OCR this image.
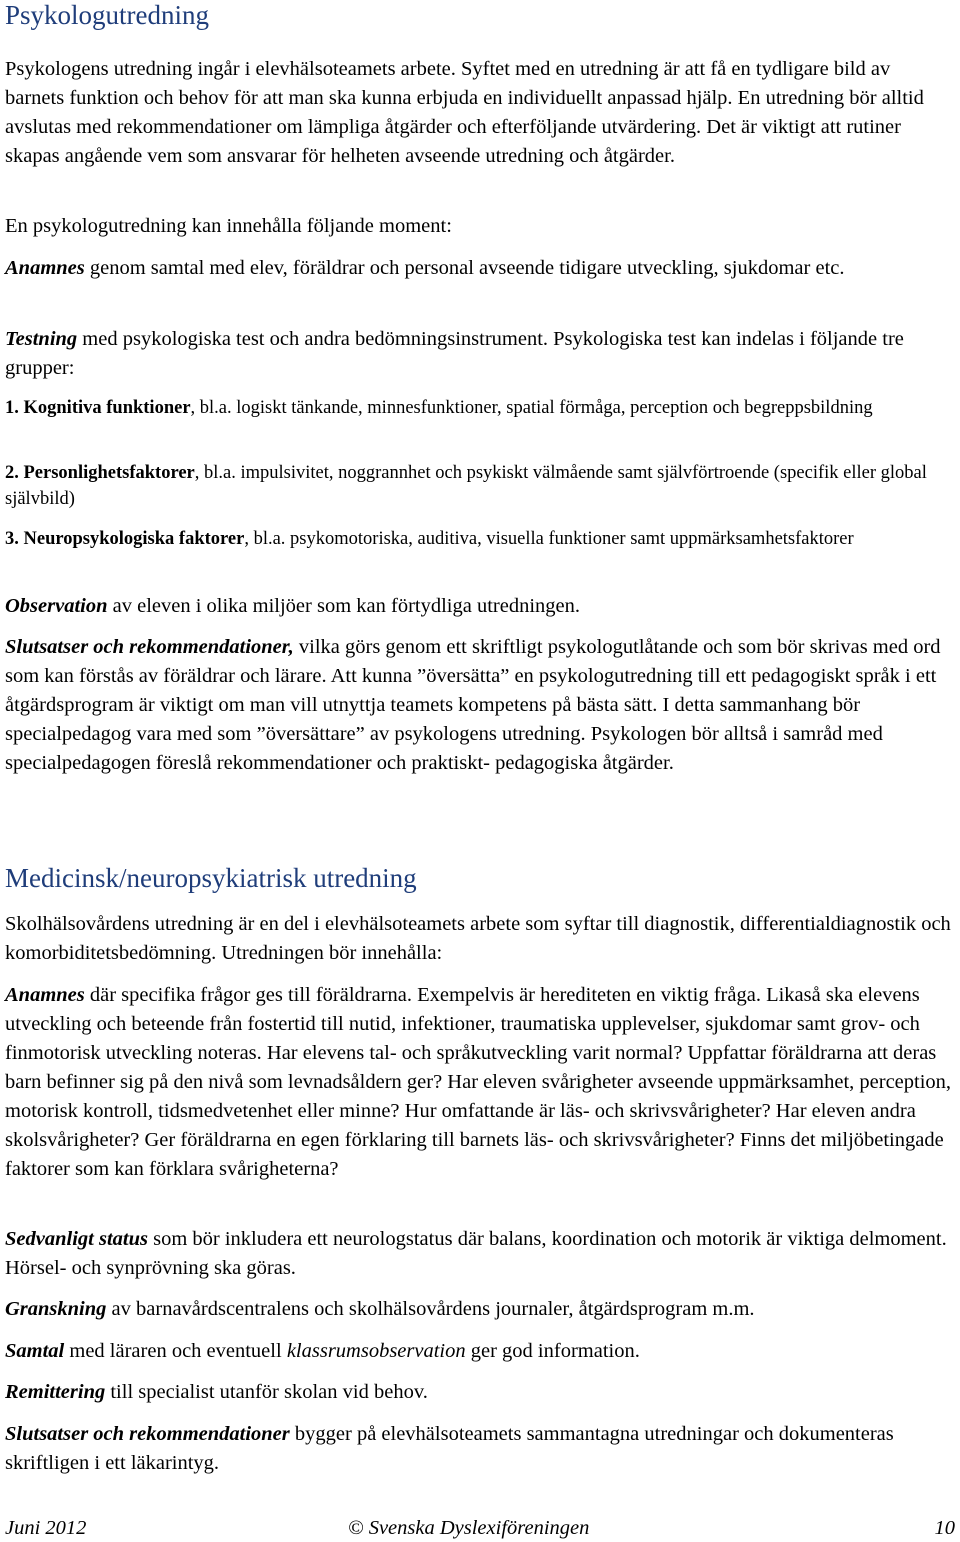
Psykologutredning

Psykologens utredning ingår i elevhälsoteamets arbete. Syftet med en utredning är att få en tydligare bild av barnets funktion och behov för att man ska kunna erbjuda en individuellt anpassad hjälp. En utredning bör alltid avslutas med rekommendationer om lämpliga åtgärder och efterföljande utvärdering. Det är viktigt att rutiner skapas angående vem som ansvarar för helheten avseende utredning och åtgärder.

En psykologutredning kan innehålla följande moment:

Anamnes genom samtal med elev, föräldrar och personal avseende tidigare utveckling, sjukdomar etc.

Testning med psykologiska test och andra bedömningsinstrument. Psykologiska test kan indelas i följande tre grupper:

1. Kognitiva funktioner, bl.a. logiskt tänkande, minnesfunktioner, spatial förmåga, perception och begreppsbildning

2. Personlighetsfaktorer, bl.a. impulsivitet, noggrannhet och psykiskt välmående samt självförtroende (specifik eller global självbild)

3. Neuropsykologiska faktorer, bl.a. psykomotoriska, auditiva, visuella funktioner samt uppmärksamhetsfaktorer

Observation av eleven i olika miljöer som kan förtydliga utredningen.

Slutsatser och rekommendationer, vilka görs genom ett skriftligt psykologutlåtande och som bör skrivas med ord som kan förstås av föräldrar och lärare. Att kunna ”översätta” en psykologutredning till ett pedagogiskt språk i ett åtgärdsprogram är viktigt om man vill utnyttja teamets kompetens på bästa sätt. I detta sammanhang bör specialpedagog vara med som ”översättare” av psykologens utredning. Psykologen bör alltså i samråd med specialpedagogen föreslå rekommendationer och praktiskt- pedagogiska åtgärder.

Medicinsk/neuropsykiatrisk utredning

Skolhälsovårdens utredning är en del i elevhälsoteamets arbete som syftar till diagnostik, differentialdiagnostik och komorbiditetsbedömning. Utredningen bör innehålla:

Anamnes där specifika frågor ges till föräldrarna. Exempelvis är herediteten en viktig fråga. Likaså ska elevens utveckling och beteende från fostertid till nutid, infektioner, traumatiska upplevelser, sjukdomar samt grov- och finmotorisk utveckling noteras. Har elevens tal- och språkutveckling varit normal? Uppfattar föräldrarna att deras barn befinner sig på den nivå som levnadsåldern ger? Har eleven svårigheter avseende uppmärksamhet, perception, motorisk kontroll, tidsmedvetenhet eller minne? Hur omfattande är läs- och skrivsvårigheter? Har eleven andra skolsvårigheter? Ger föräldrarna en egen förklaring till barnets läs- och skrivsvårigheter? Finns det miljöbetingade faktorer som kan förklara svårigheterna?

Sedvanligt status som bör inkludera ett neurologstatus där balans, koordination och motorik är viktiga delmoment. Hörsel- och synprövning ska göras.

Granskning av barnavårdscentralens och skolhälsovårdens journaler, åtgärdsprogram m.m.

Samtal med läraren och eventuell klassrumsobservation ger god information.

Remittering till specialist utanför skolan vid behov.

Slutsatser och rekommendationer bygger på elevhälsoteamets sammantagna utredningar och dokumenteras skriftligen i ett läkarintyg.

Juni 2012	© Svenska Dyslexiföreningen	10
